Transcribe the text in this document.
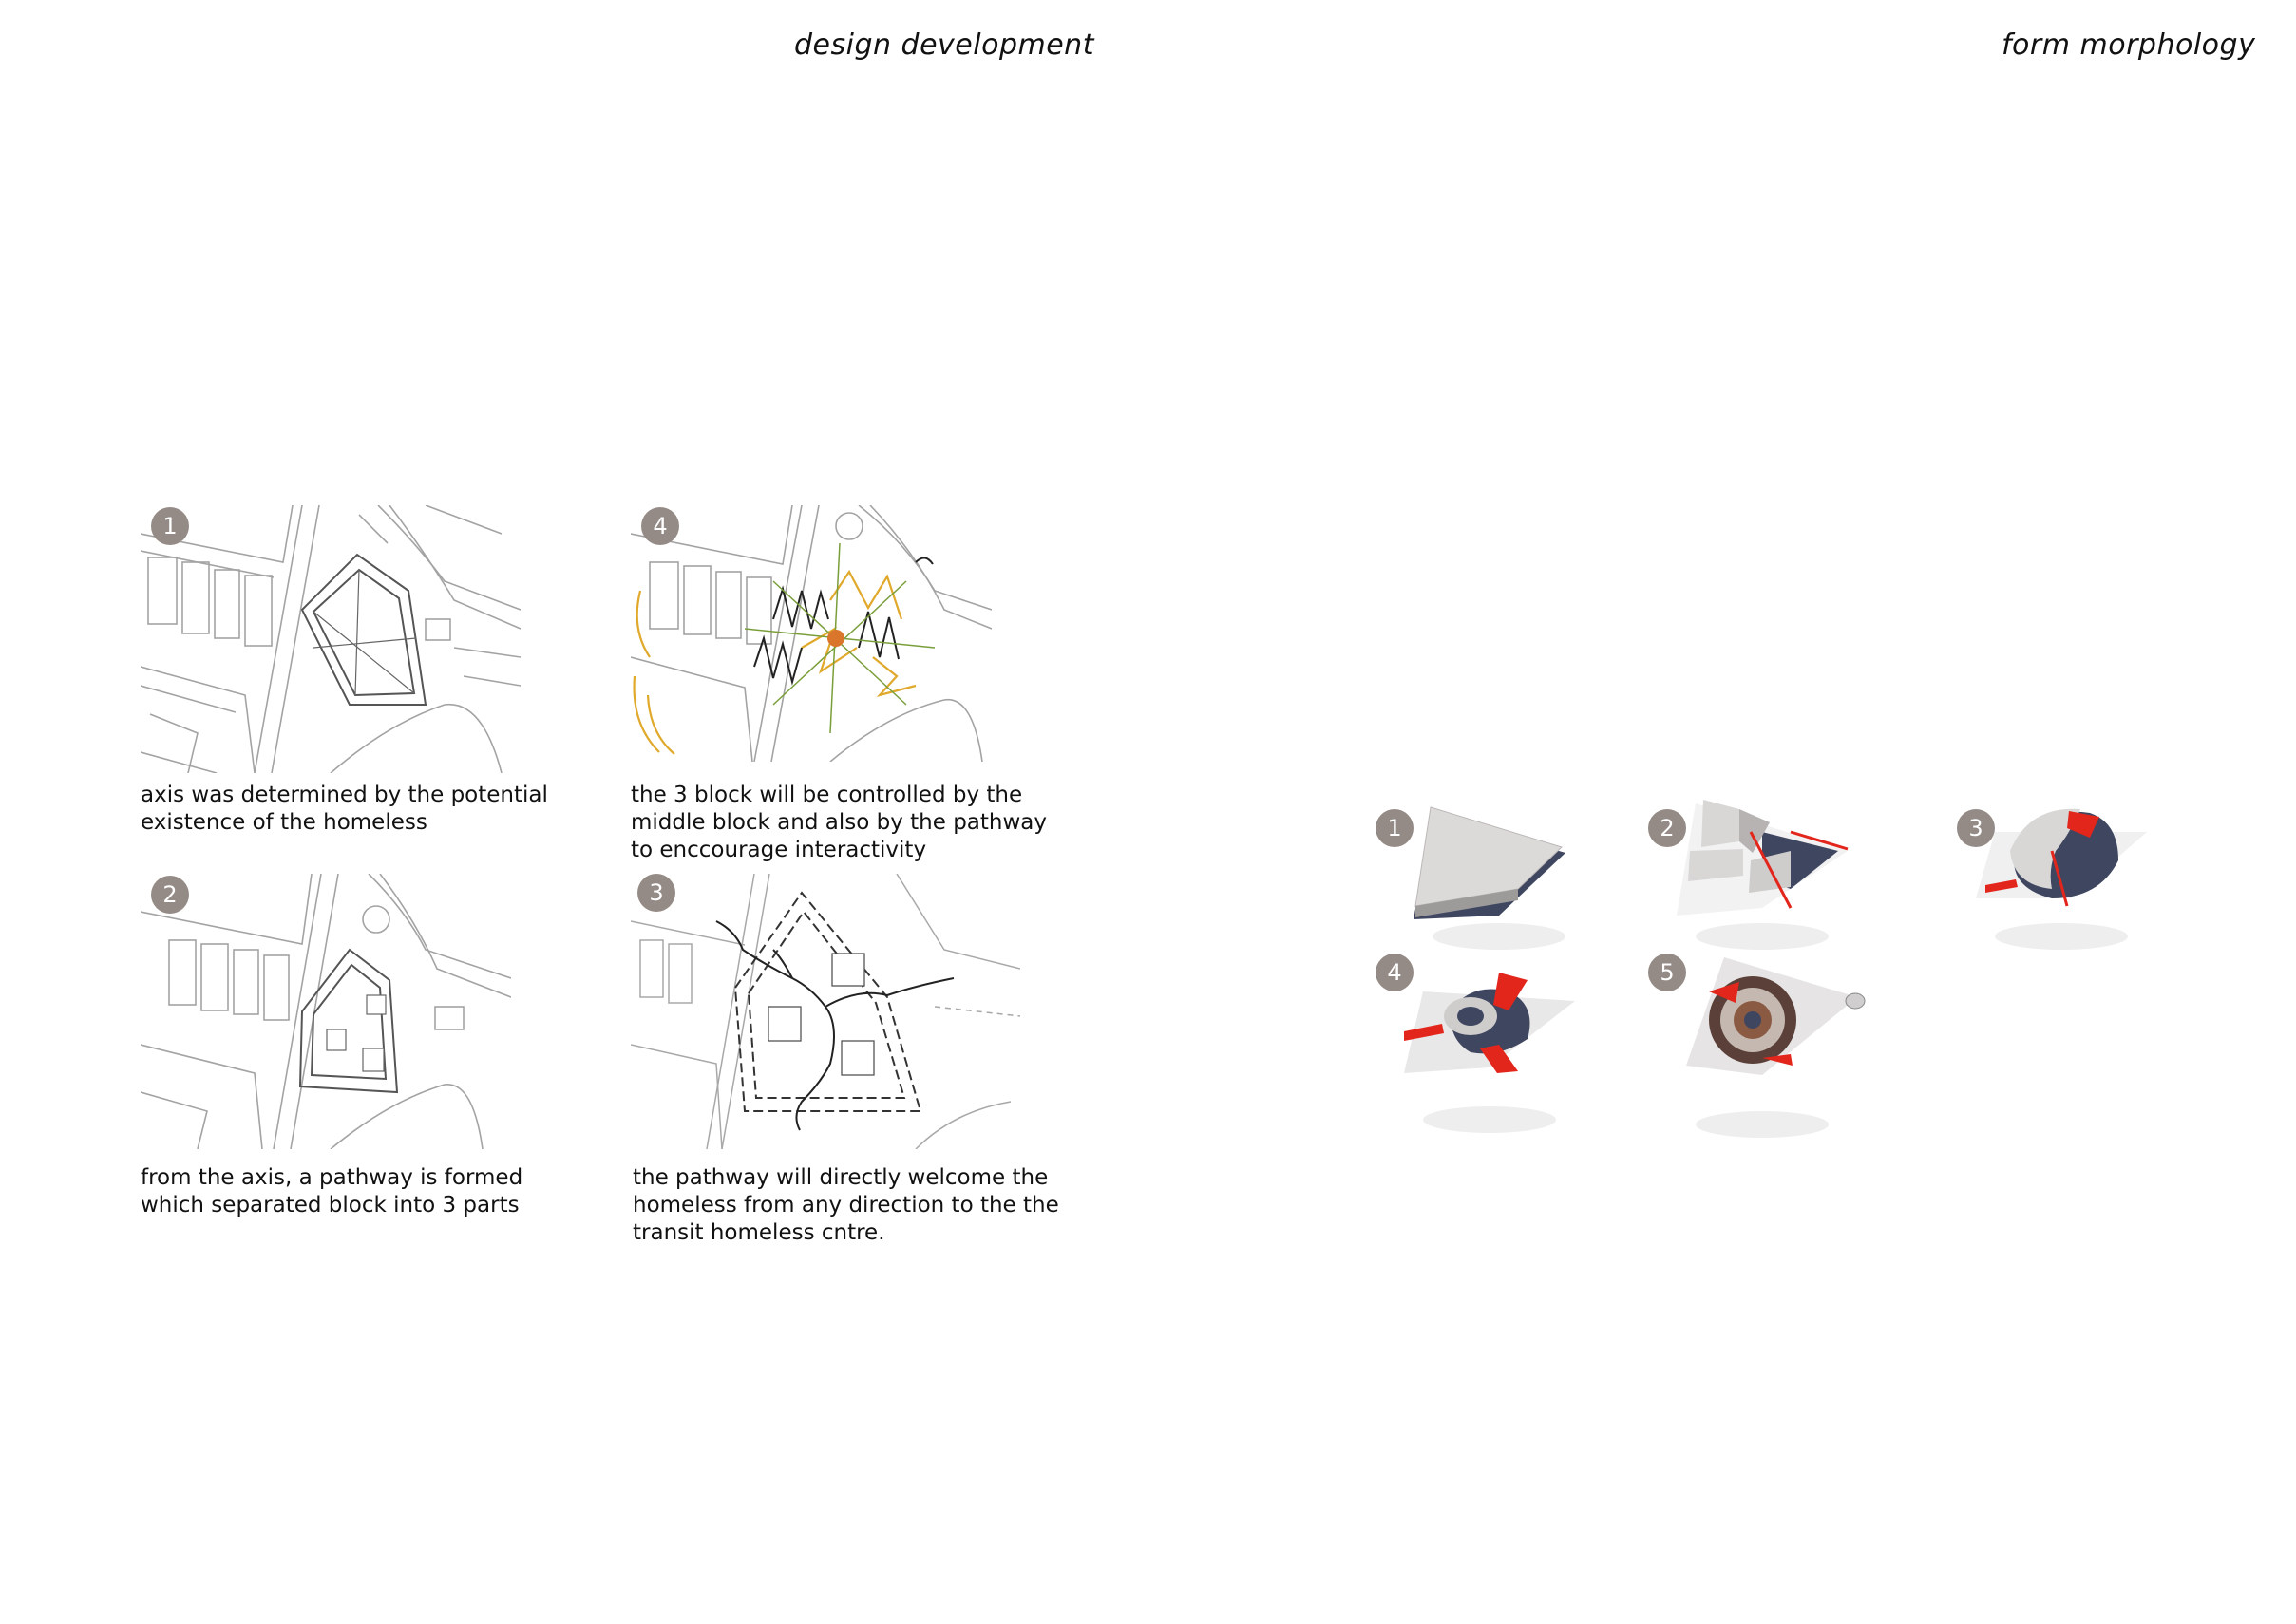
design development	form morphology
1
axis was determined by the potential
existence of the homeless
4
the 3 block will be controlled by the
middle block and also by the pathway
to enccourage interactivity
2
from the axis, a pathway is formed
which separated block into 3 parts
3
the pathway will directly welcome the
homeless from any direction to the the
transit homeless cntre.
1	2	3
4	5
